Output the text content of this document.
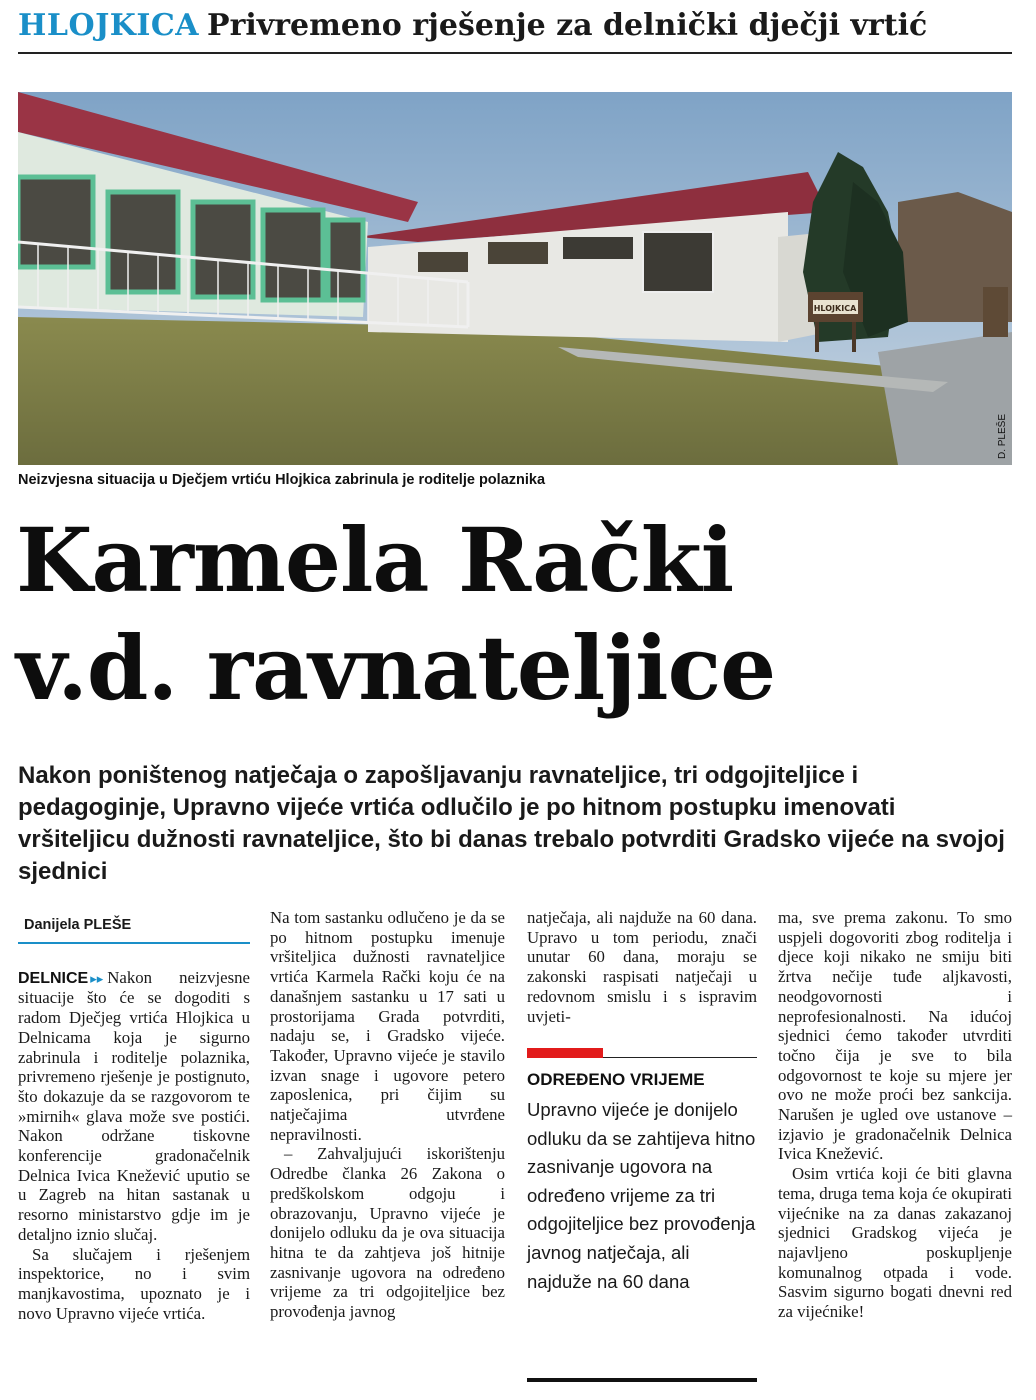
HLOJKICA Privremeno rješenje za delnički dječji vrtić
HLOJKICA
D. PLEŠE
Neizvjesna situacija u Dječjem vrtiću Hlojkica zabrinula je roditelje polaznika
Karmela Rački
v.d. ravnateljice
Nakon poništenog natječaja o zapošljavanju ravnateljice, tri odgojiteljice i pedagoginje, Upravno vijeće vrtića odlučilo je po hitnom postupku imenovati vršiteljicu dužnosti ravnateljice, što bi danas trebalo potvrditi Gradsko vijeće na svojoj sjednici
Danijela PLEŠE

DELNICE ▸▸ Nakon neizvjesne situacije što će se dogoditi s radom Dječjeg vrtića Hlojkica u Delnicama koja je sigurno zabrinula i roditelje polaznika, privremeno rješenje je postignuto, što dokazuje da se razgovorom te »mirnih« glava može sve postići. Nakon održane tiskovne konferencije gradonačelnik Delnica Ivica Knežević uputio se u Zagreb na hitan sastanak u resorno ministarstvo gdje im je detaljno iznio slučaj.

Sa slučajem i rješenjem inspektorice, no i svim manjkavostima, upoznato je i novo Upravno vijeće vrtića.

Na tom sastanku odlučeno je da se po hitnom postupku imenuje vršiteljica dužnosti ravnateljice vrtića Karmela Rački koju će na današnjem sastanku u 17 sati u prostorijama Grada potvrditi, nadaju se, i Gradsko vijeće. Također, Upravno vijeće je stavilo izvan snage i ugovore petero zaposlenica, pri čijim su natječajima utvrđene nepravilnosti.

– Zahvaljujući iskorištenju Odredbe članka 26 Zakona o predškolskom odgoju i obrazovanju, Upravno vijeće je donijelo odluku da je ova situacija hitna te da zahtjeva još hitnije zasnivanje ugovora na određeno vrijeme za tri odgojiteljice bez provođenja javnog

natječaja, ali najduže na 60 dana. Upravo u tom periodu, znači unutar 60 dana, moraju se zakonski raspisati natječaji u redovnom smislu i s ispravim uvjeti-

ODREĐENO VRIJEME
Upravno vijeće je donijelo odluku da se zahtijeva hitno zasnivanje ugovora na određeno vrijeme za tri odgojiteljice bez provođenja javnog natječaja, ali najduže na 60 dana

ma, sve prema zakonu. To smo uspjeli dogovoriti zbog roditelja i djece koji nikako ne smiju biti žrtva nečije tuđe aljkavosti, neodgovornosti i neprofesionalnosti. Na idućoj sjednici ćemo također utvrditi točno čija je sve to bila odgovornost te koje su mjere jer ovo ne može proći bez sankcija. Narušen je ugled ove ustanove – izjavio je gradonačelnik Delnica Ivica Knežević.

Osim vrtića koji će biti glavna tema, druga tema koja će okupirati vijećnike na za danas zakazanoj sjednici Gradskog vijeća je najavljeno poskupljenje komunalnog otpada i vode. Sasvim sigurno bogati dnevni red za vijećnike!
